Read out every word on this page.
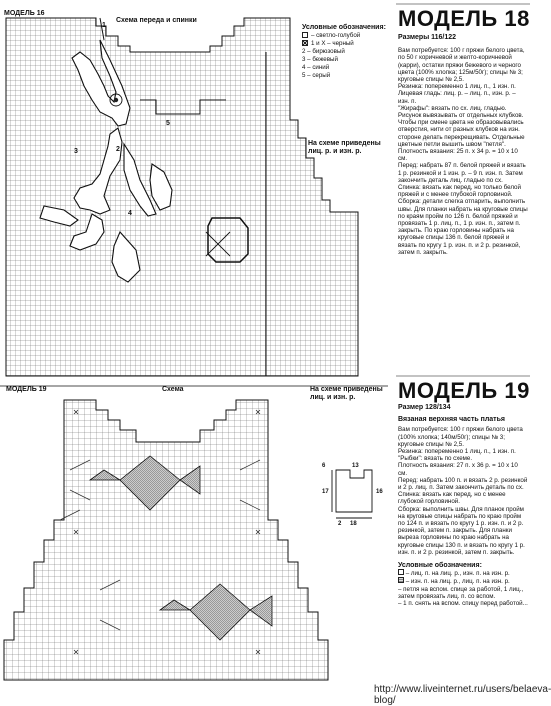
МОДЕЛЬ 16
Схема переда и спинки
1
2
3
4
5
Условные обозначения:
– светло-голубой
1 и X – черный
2 – бирюзовый
3 – бежевый
4 – синий
5 – серый
На схеме приведены лиц. р. и изн. р.
МОДЕЛЬ 19	Схема	На схеме приведены лиц. и изн. р.
6	13
17	16
18
2
МОДЕЛЬ 18

Размеры 116/122

Вам потребуется: 100 г пряжи белого цвета, по 50 г коричневой и желто-коричневой (карри), остатки пряжи бежевого и черного цвета (100% хлопка; 125м/50г); спицы № 3; круговые спицы № 2,5.

Резинка: попеременно 1 лиц. п., 1 изн. п.

Лицевая гладь: лиц. р. – лиц. п., изн. р. – изн. п.

"Жирафы": вязать по сх. лиц. гладью. Рисунок вывязывать от отдельных клубков. Чтобы при смене цвета не образовывались отверстия, нити от разных клубков на изн. стороне делать перекрещивать. Отдельные цветные петли вышить швом "петля".

Плотность вязания: 25 п. х 34 р. = 10 х 10 см.

Перед: набрать 87 п. белой пряжей и вязать 1 р. резинкой и 1 изн. р. – 9 п. изн. п. Затем закончить деталь лиц. гладью по сх.

Спинка: вязать как перед, но только белой пряжей и с менее глубокой горловиной.

Сборка: детали слегка отпарить, выполнить швы. Для планки набрать на круговые спицы по краям пройм по 126 п. белой пряжей и провязать 1 р. лиц. п., 1 р. изн. п., затем п. закрыть. По краю горловины набрать на круговые спицы 136 п. белой пряжей и вязать по кругу 1 р. изн. п. и 2 р. резинкой, затем п. закрыть.

МОДЕЛЬ 19

Размер 128/134

Вязаная верхняя часть платья

Вам потребуется: 100 г пряжи белого цвета (100% хлопка; 140м/50г); спицы № 3; круговые спицы № 2,5.

Резинка: попеременно 1 лиц. п., 1 изн. п.

"Рыбки": вязать по схеме.

Плотность вязания: 27 п. х 36 р. = 10 х 10 см.

Перед: набрать 100 п. и вязать 2 р. резинкой и 2 р. лиц. п. Затем закончить деталь по сх.

Спинка: вязать как перед, но с менее глубокой горловиной.

Сборка: выполнить швы. Для планок пройм на круговые спицы набрать по краю пройм по 124 п. и вязать по кругу 1 р. изн. п. и 2 р. резинкой, затем п. закрыть. Для планки выреза горловины по краю набрать на круговые спицы 130 п. и вязать по кругу 1 р. изн. п. и 2 р. резинкой, затем п. закрыть.

Условные обозначения:

– лиц. п. на лиц. р., изн. п. на изн. р.

– изн. п. на лиц. р., лиц. п. на изн. р.

– петля на вспом. спице за работой, 1 лиц., затем провязать лиц. п. со вспом.

– 1 п. снять на вспом. спицу перед работой...

http://www.liveinternet.ru/users/belaeva-blog/
